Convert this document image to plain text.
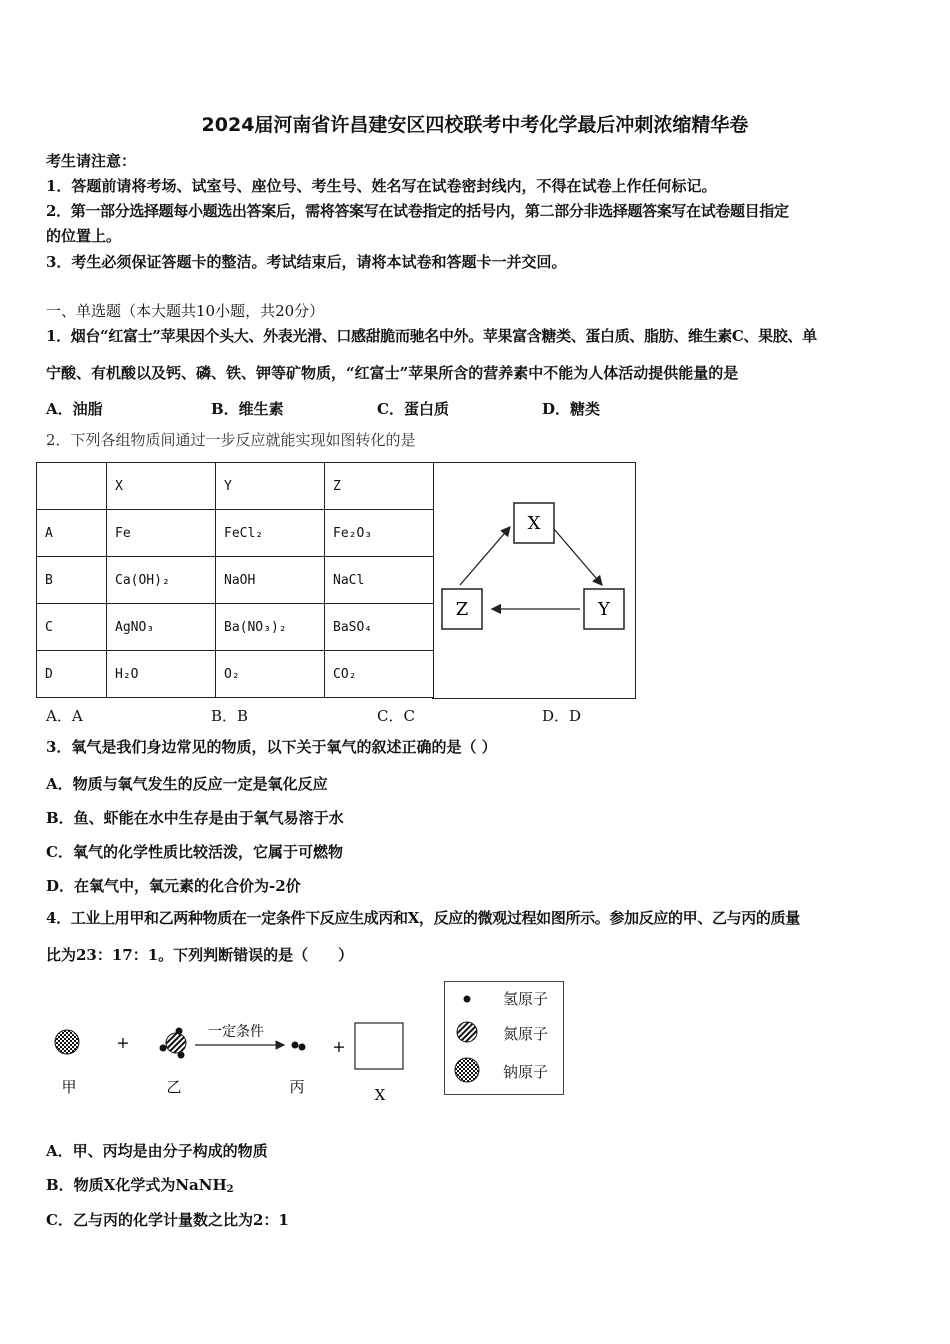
2024届河南省许昌建安区四校联考中考化学最后冲刺浓缩精华卷
考生请注意：
1．答题前请将考场、试室号、座位号、考生号、姓名写在试卷密封线内，不得在试卷上作任何标记。
2．第一部分选择题每小题选出答案后，需将答案写在试卷指定的括号内，第二部分非选择题答案写在试卷题目指定
的位置上。
3．考生必须保证答题卡的整洁。考试结束后，请将本试卷和答题卡一并交回。
一、单选题（本大题共10小题，共20分）
1．烟台“红富士”苹果因个头大、外表光滑、口感甜脆而驰名中外。苹果富含糖类、蛋白质、脂肪、维生素C、果胶、单
宁酸、有机酸以及钙、磷、铁、钾等矿物质，“红富士”苹果所含的营养素中不能为人体活动提供能量的是
A．油脂	B．维生素	C．蛋白质	D．糖类
2．下列各组物质间通过一步反应就能实现如图转化的是
	X	Y	Z
A	Fe	FeCl₂	Fe₂O₃
B	Ca(OH)₂	NaOH	NaCl
C	AgNO₃	Ba(NO₃)₂	BaSO₄
D	H₂O	O₂	CO₂
X
Y
Z
A．A	B．B	C．C	D．D
3．氧气是我们身边常见的物质，以下关于氧气的叙述正确的是（ ）
A．物质与氧气发生的反应一定是氧化反应
B．鱼、虾能在水中生存是由于氧气易溶于水
C．氧气的化学性质比较活泼，它属于可燃物
D．在氧气中，氧元素的化合价为-2价
4．工业上用甲和乙两种物质在一定条件下反应生成丙和X，反应的微观过程如图所示。参加反应的甲、乙与丙的质量
比为23：17：1。下列判断错误的是（　　）
甲
+
乙
一定条件
丙
+
X
氢原子
氮原子
钠原子
A．甲、丙均是由分子构成的物质
B．物质X化学式为NaNH$_2$
C．乙与丙的化学计量数之比为2：1
